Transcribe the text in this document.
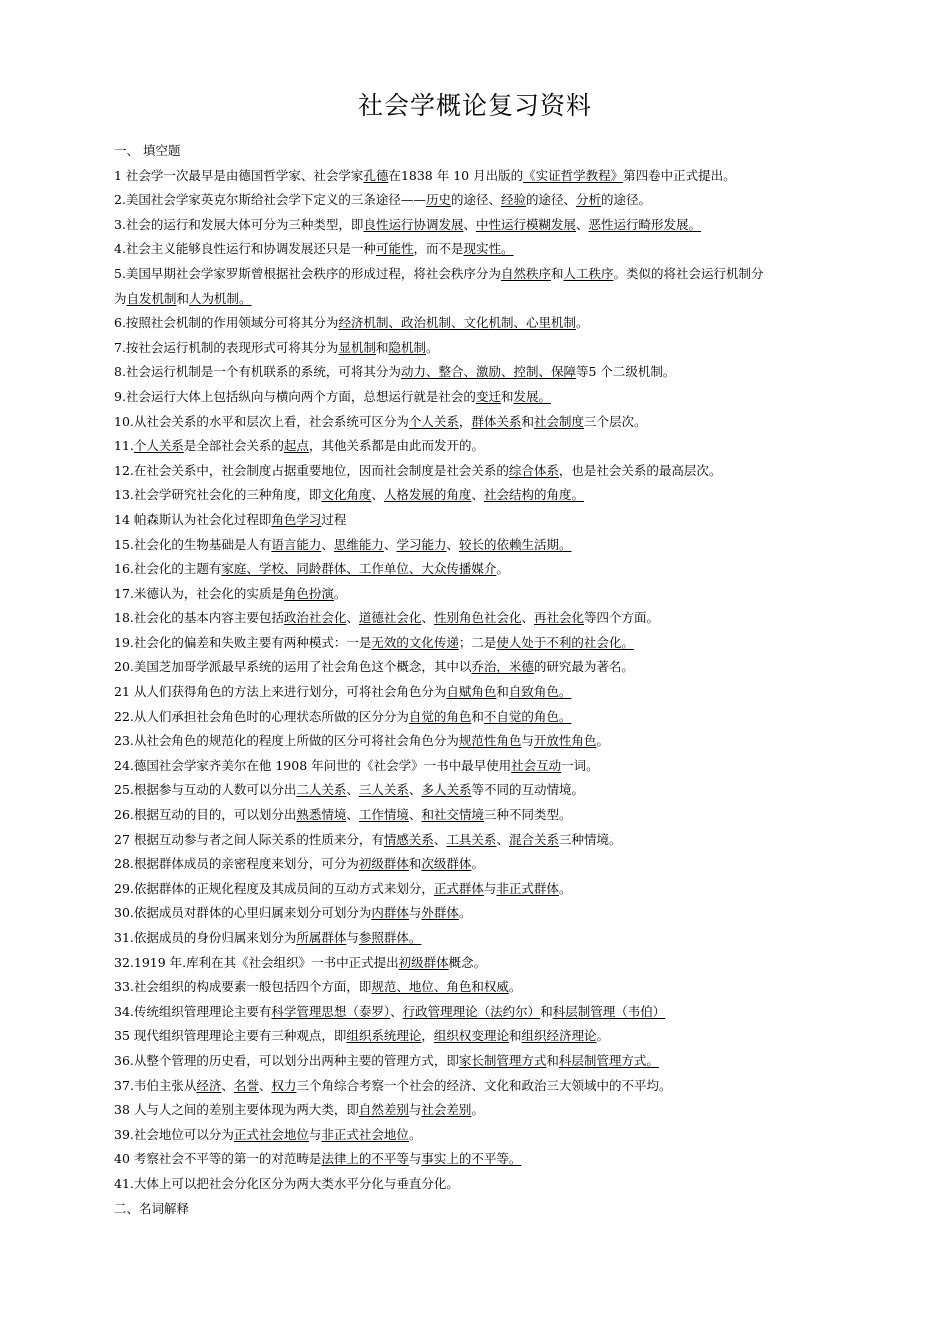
社会学概论复习资料
一、 填空题
1 社会学一次最早是由德国哲学家、社会学家孔德在1838 年 10 月出版的《实证哲学教程》第四卷中正式提出。
2.美国社会学家英克尔斯给社会学下定义的三条途径——历史的途径、经验的途径、分析的途径。
3.社会的运行和发展大体可分为三种类型，即良性运行协调发展、中性运行模糊发展、恶性运行畸形发展。
4.社会主义能够良性运行和协调发展还只是一种可能性，而不是现实性。
5.美国早期社会学家罗斯曾根据社会秩序的形成过程，将社会秩序分为自然秩序和人工秩序。类似的将社会运行机制分
为自发机制和人为机制。
6.按照社会机制的作用领域分可将其分为经济机制、政治机制、文化机制、心里机制。
7.按社会运行机制的表现形式可将其分为显机制和隐机制。
8.社会运行机制是一个有机联系的系统，可将其分为动力、整合、激励、控制、保障等5 个二级机制。
9.社会运行大体上包括纵向与横向两个方面，总想运行就是社会的变迁和发展。
10.从社会关系的水平和层次上看，社会系统可区分为个人关系，群体关系和社会制度三个层次。
11.个人关系是全部社会关系的起点，其他关系都是由此而发开的。
12.在社会关系中，社会制度占据重要地位，因而社会制度是社会关系的综合体系，也是社会关系的最高层次。
13.社会学研究社会化的三种角度，即文化角度、人格发展的角度、社会结构的角度。
14 帕森斯认为社会化过程即角色学习过程
15.社会化的生物基础是人有语言能力、思维能力、学习能力、较长的依赖生活期。
16.社会化的主题有家庭、学校、同龄群体、工作单位、大众传播媒介。
17.米德认为，社会化的实质是角色扮演。
18.社会化的基本内容主要包括政治社会化、道德社会化、性别角色社会化、再社会化等四个方面。
19.社会化的偏差和失败主要有两种模式：一是无效的文化传递；二是使人处于不利的社会化。
20.美国芝加哥学派最早系统的运用了社会角色这个概念，其中以乔治，米德的研究最为著名。
21 从人们获得角色的方法上来进行划分，可将社会角色分为自赋角色和自致角色。
22.从人们承担社会角色时的心理状态所做的区分分为自觉的角色和不自觉的角色。
23.从社会角色的规范化的程度上所做的区分可将社会角色分为规范性角色与开放性角色。
24.德国社会学家齐美尔在他 1908 年问世的《社会学》一书中最早使用社会互动一词。
25.根据参与互动的人数可以分出二人关系、三人关系、多人关系等不同的互动情境。
26.根据互动的目的，可以划分出熟悉情境、工作情境、和社交情境三种不同类型。
27 根据互动参与者之间人际关系的性质来分，有情感关系、工具关系、混合关系三种情境。
28.根据群体成员的亲密程度来划分，可分为初级群体和次级群体。
29.依据群体的正规化程度及其成员间的互动方式来划分，正式群体与非正式群体。
30.依据成员对群体的心里归属来划分可划分为内群体与外群体。
31.依据成员的身份归属来划分为所属群体与参照群体。
32.1919 年.库利在其《社会组织》一书中正式提出初级群体概念。
33.社会组织的构成要素一般包括四个方面，即规范、地位、角色和权威。
34.传统组织管理理论主要有科学管理思想（泰罗）、行政管理理论（法约尔）和科层制管理（韦伯）
35 现代组织管理理论主要有三种观点，即组织系统理论，组织权变理论和组织经济理论。
36.从整个管理的历史看，可以划分出两种主要的管理方式，即家长制管理方式和科层制管理方式。
37.韦伯主张从经济、名誉、权力三个角综合考察一个社会的经济、文化和政治三大领域中的不平均。
38 人与人之间的差别主要体现为两大类，即自然差别与社会差别。
39.社会地位可以分为正式社会地位与非正式社会地位。
40 考察社会不平等的第一的对范畴是法律上的不平等与事实上的不平等。
41.大体上可以把社会分化区分为两大类水平分化与垂直分化。
二、名词解释
